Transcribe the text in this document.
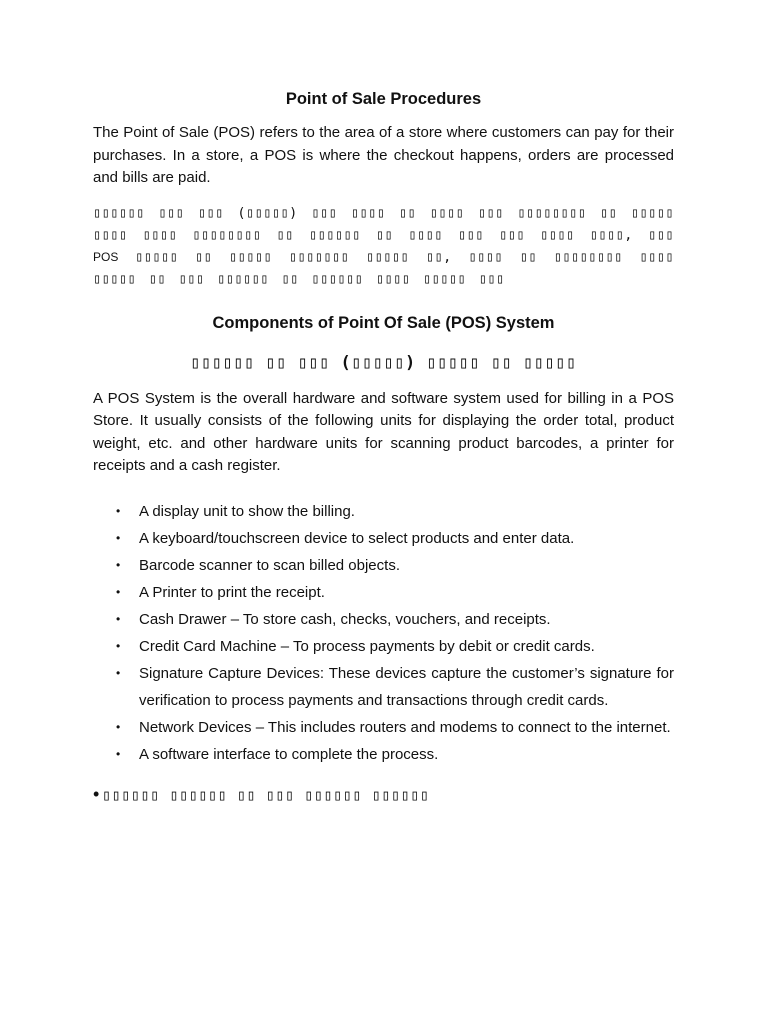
Point of Sale Procedures

The Point of Sale (POS) refers to the area of a store where customers can pay for their purchases. In a store, a POS is where the checkout happens, orders are processed and bills are paid.

▯▯▯▯▯▯ ▯▯▯ ▯▯▯ (▯▯▯▯▯) ▯▯▯ ▯▯▯▯ ▯▯ ▯▯▯▯ ▯▯▯ ▯▯▯▯▯▯▯▯ ▯▯ ▯▯▯▯▯ ▯▯▯▯ ▯▯▯▯ ▯▯▯▯▯▯▯▯ ▯▯ ▯▯▯▯▯▯ ▯▯ ▯▯▯▯ ▯▯▯ ▯▯▯ ▯▯▯▯ ▯▯▯▯, ▯▯▯ POS ▯▯▯▯▯ ▯▯ ▯▯▯▯▯ ▯▯▯▯▯▯▯ ▯▯▯▯▯ ▯▯, ▯▯▯▯ ▯▯ ▯▯▯▯▯▯▯▯ ▯▯▯▯ ▯▯▯▯▯ ▯▯ ▯▯▯ ▯▯▯▯▯▯ ▯▯ ▯▯▯▯▯▯ ▯▯▯▯ ▯▯▯▯▯ ▯▯▯

Components of Point Of Sale (POS) System
▯▯▯▯▯▯ ▯▯ ▯▯▯ (▯▯▯▯▯) ▯▯▯▯▯ ▯▯ ▯▯▯▯▯

A POS System is the overall hardware and software system used for billing in a POS Store. It usually consists of the following units for displaying the order total, product weight, etc. and other hardware units for scanning product barcodes, a printer for receipts and a cash register.

• A display unit to show the billing.
• A keyboard/touchscreen device to select products and enter data.
• Barcode scanner to scan billed objects.
• A Printer to print the receipt.
• Cash Drawer – To store cash, checks, vouchers, and receipts.
• Credit Card Machine – To process payments by debit or credit cards.
• Signature Capture Devices: These devices capture the customer’s signature for verification to process payments and transactions through credit cards.
• Network Devices – This includes routers and modems to connect to the internet.
• A software interface to complete the process.
• ▯▯▯▯▯▯ ▯▯▯▯▯▯ ▯▯ ▯▯▯ ▯▯▯▯▯▯ ▯▯▯▯▯▯
